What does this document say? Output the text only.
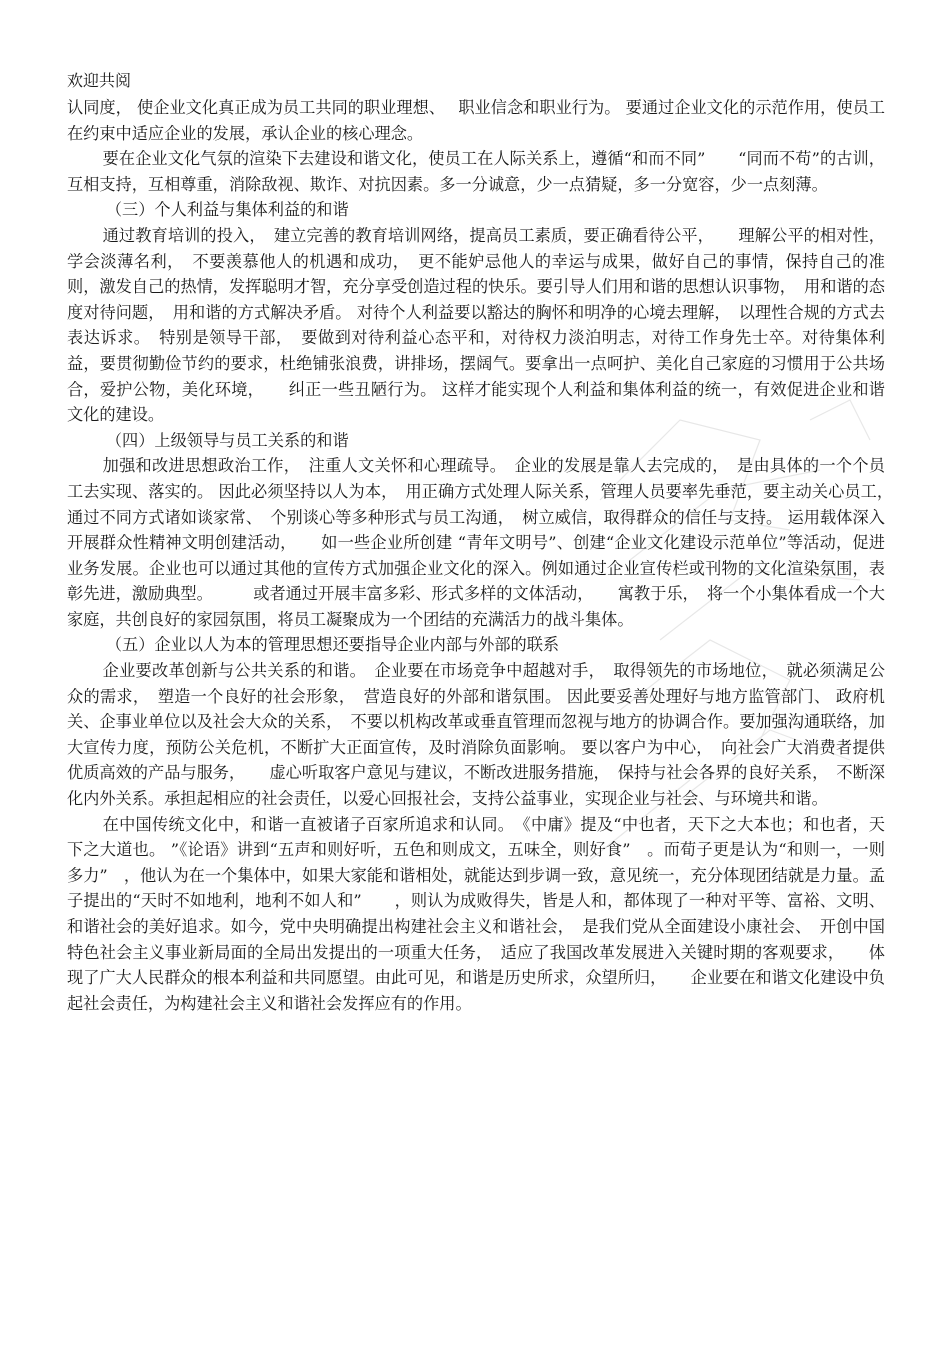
欢迎共阅

认同度， 使企业文化真正成为员工共同的职业理想、　 职业信念和职业行为。 要通过企业文化的示范作用，使员工在约束中适应企业的发展，承认企业的核心理念。

要在企业文化气氛的渲染下去建设和谐文化，使员工在人际关系上，遵循“和而不同”　　“同而不苟”的古训，互相支持，互相尊重，消除敌视、欺诈、对抗因素。多一分诚意，少一点猜疑，多一分宽容，少一点刻薄。

（三）个人利益与集体利益的和谐

通过教育培训的投入，　建立完善的教育培训网络，提高员工素质，要正确看待公平，　　理解公平的相对性，学会淡薄名利，　不要羡慕他人的机遇和成功，　更不能妒忌他人的幸运与成果，做好自己的事情，保持自己的准则，激发自己的热情，发挥聪明才智，充分享受创造过程的快乐。要引导人们用和谐的思想认识事物，　用和谐的态度对待问题，　用和谐的方式解决矛盾。 对待个人利益要以豁达的胸怀和明净的心境去理解，　以理性合规的方式去表达诉求。　特别是领导干部，　要做到对待利益心态平和，对待权力淡泊明志，对待工作身先士卒。对待集体利益，要贯彻勤俭节约的要求，杜绝铺张浪费，讲排场，摆阔气。要拿出一点呵护、美化自己家庭的习惯用于公共场合，爱护公物，美化环境，　　纠正一些丑陋行为。 这样才能实现个人利益和集体利益的统一，有效促进企业和谐文化的建设。

（四）上级领导与员工关系的和谐

加强和改进思想政治工作，　注重人文关怀和心理疏导。　企业的发展是靠人去完成的，　是由具体的一个个员工去实现、落实的。 因此必须坚持以人为本，　用正确方式处理人际关系，管理人员要率先垂范，要主动关心员工，　通过不同方式诸如谈家常、　个别谈心等多种形式与员工沟通，　树立威信，取得群众的信任与支持。 运用载体深入开展群众性精神文明创建活动，　　如一些企业所创建 “青年文明号”、创建“企业文化建设示范单位”等活动，促进业务发展。企业也可以通过其他的宣传方式加强企业文化的深入。例如通过企业宣传栏或刊物的文化渲染氛围，表彰先进，激励典型。　　　或者通过开展丰富多彩、形式多样的文体活动，　　寓教于乐，　将一个小集体看成一个大家庭，共创良好的家园氛围，将员工凝聚成为一个团结的充满活力的战斗集体。

（五）企业以人为本的管理思想还要指导企业内部与外部的联系

企业要改革创新与公共关系的和谐。　企业要在市场竞争中超越对手，　取得领先的市场地位，　就必须满足公众的需求，　塑造一个良好的社会形象，　营造良好的外部和谐氛围。 因此要妥善处理好与地方监管部门、 政府机关、企事业单位以及社会大众的关系，　不要以机构改革或垂直管理而忽视与地方的协调合作。要加强沟通联络，加大宣传力度，预防公关危机，不断扩大正面宣传，及时消除负面影响。 要以客户为中心，　向社会广大消费者提供优质高效的产品与服务，　　虚心听取客户意见与建议，不断改进服务措施，　保持与社会各界的良好关系，　不断深化内外关系。承担起相应的社会责任，以爱心回报社会，支持公益事业，实现企业与社会、与环境共和谐。

在中国传统文化中，和谐一直被诸子百家所追求和认同。　《中庸》提及“中也者，天下之大本也；和也者，天下之大道也。 ”《论语》讲到“五声和则好听，五色和则成文，五味全，则好食”　。而荀子更是认为“和则一，一则多力”　，他认为在一个集体中，如果大家能和谐相处，就能达到步调一致，意见统一，充分体现团结就是力量。孟子提出的“天时不如地利，地利不如人和”　　，则认为成败得失，皆是人和，都体现了一种对平等、富裕、文明、和谐社会的美好追求。如今，党中央明确提出构建社会主义和谐社会，　是我们党从全面建设小康社会、　开创中国特色社会主义事业新局面的全局出发提出的一项重大任务，　适应了我国改革发展进入关键时期的客观要求，　　体现了广大人民群众的根本利益和共同愿望。由此可见，和谐是历史所求，众望所归，　　企业要在和谐文化建设中负起社会责任，为构建社会主义和谐社会发挥应有的作用。
